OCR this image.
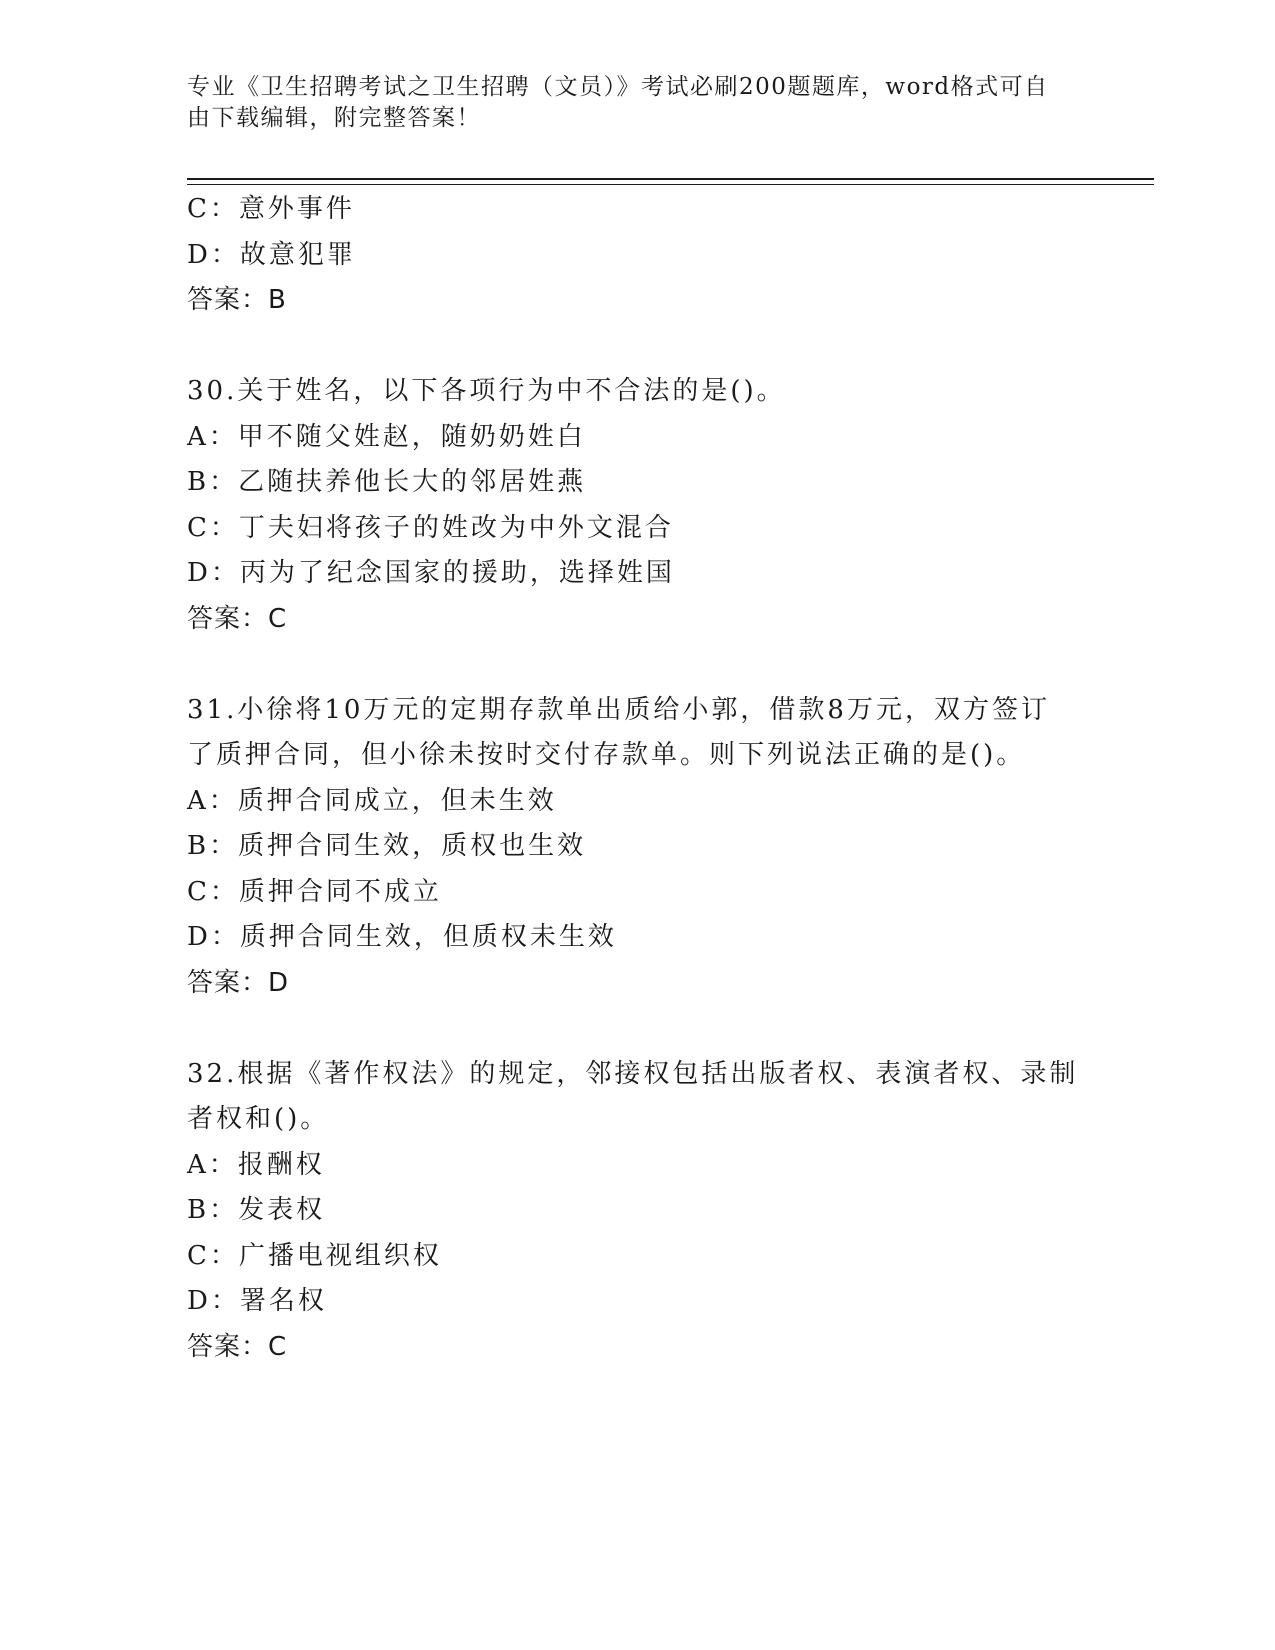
专业《卫生招聘考试之卫生招聘（文员）》考试必刷200题题库，word格式可自
由下载编辑，附完整答案！
C：意外事件
D：故意犯罪
答案：B
30.关于姓名，以下各项行为中不合法的是()。
A：甲不随父姓赵，随奶奶姓白
B：乙随扶养他长大的邻居姓燕
C：丁夫妇将孩子的姓改为中外文混合
D：丙为了纪念国家的援助，选择姓国
答案：C
31.小徐将10万元的定期存款单出质给小郭，借款8万元，双方签订
了质押合同，但小徐未按时交付存款单。则下列说法正确的是()。
A：质押合同成立，但未生效
B：质押合同生效，质权也生效
C：质押合同不成立
D：质押合同生效，但质权未生效
答案：D
32.根据《著作权法》的规定，邻接权包括出版者权、表演者权、录制
者权和()。
A：报酬权
B：发表权
C：广播电视组织权
D：署名权
答案：C
